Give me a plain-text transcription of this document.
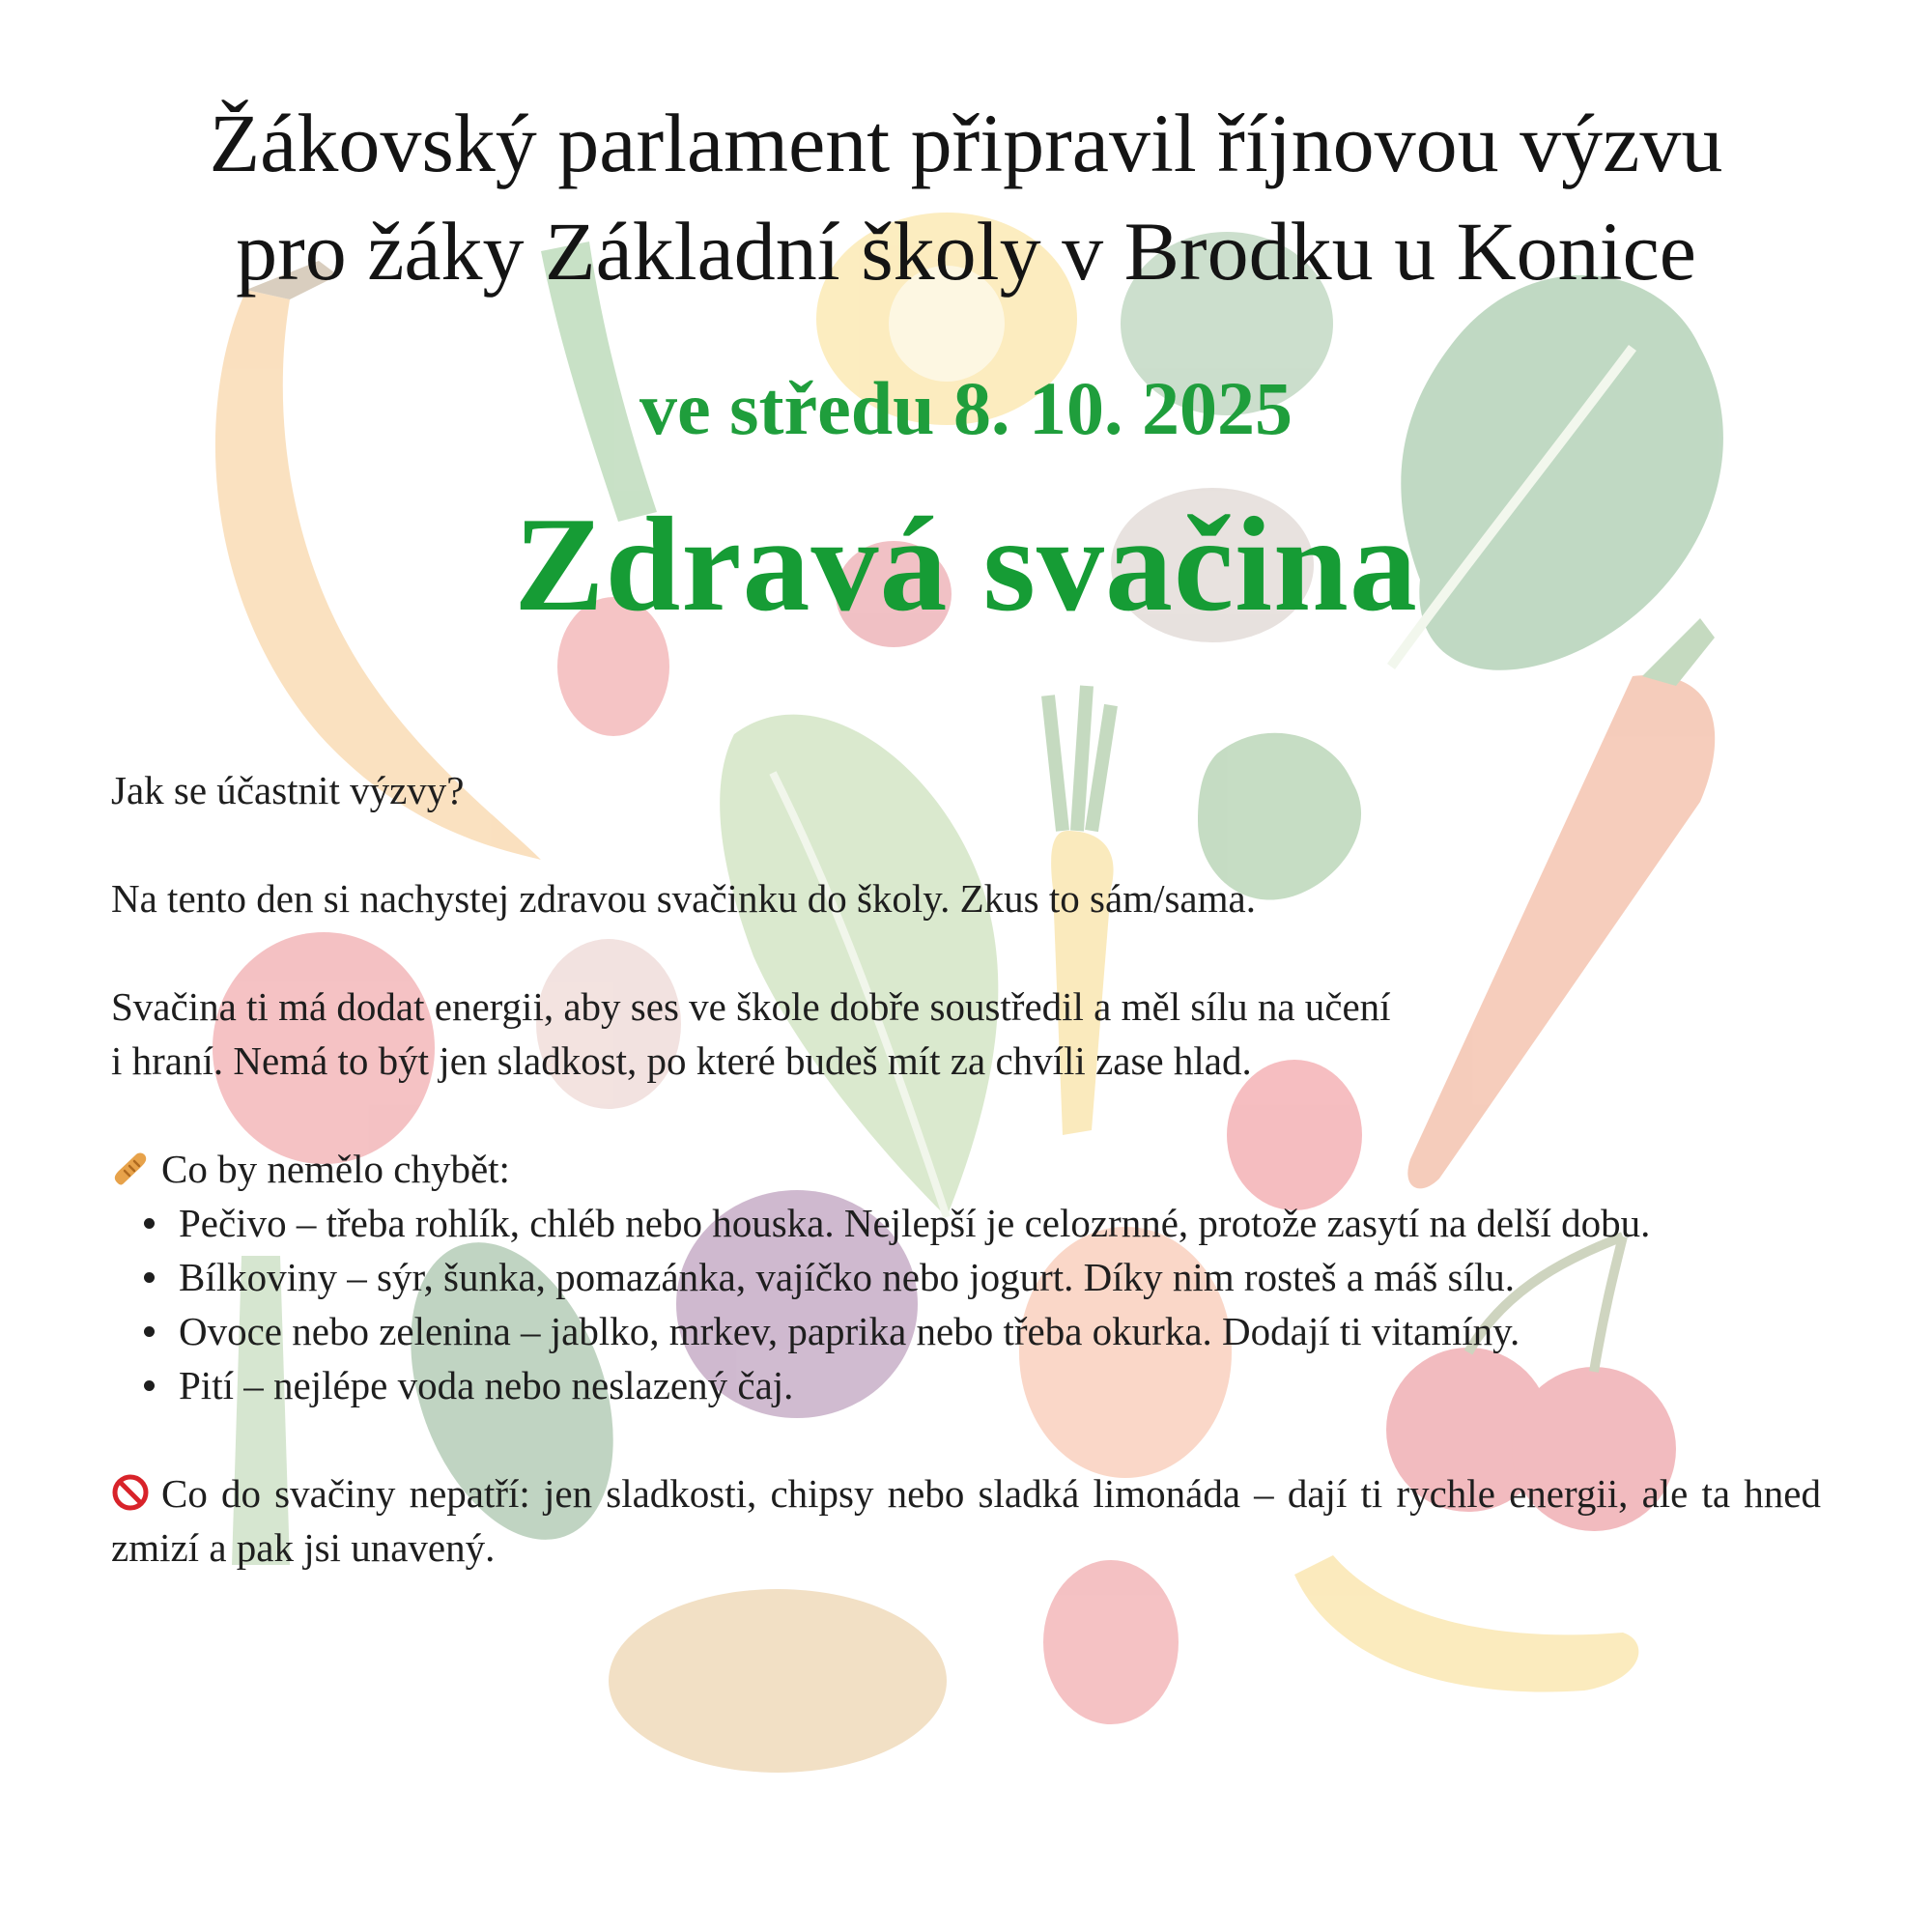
Žákovský parlament připravil říjnovou výzvu
pro žáky Základní školy v Brodku u Konice
ve středu 8. 10. 2025
Zdravá svačina

Jak se účastnit výzvy?

Na tento den si nachystej zdravou svačinku do školy. Zkus to sám/sama.

Svačina ti má dodat energii, aby ses ve škole dobře soustředil a měl sílu na učení
i hraní. Nemá to být jen sladkost, po které budeš mít za chvíli zase hlad.

Co by nemělo chybět:
Pečivo – třeba rohlík, chléb nebo houska. Nejlepší je celozrnné, protože zasytí na delší dobu.
Bílkoviny – sýr, šunka, pomazánka, vajíčko nebo jogurt. Díky nim rosteš a máš sílu.
Ovoce nebo zelenina – jablko, mrkev, paprika nebo třeba okurka. Dodají ti vitamíny.
Pití – nejlépe voda nebo neslazený čaj.

Co do svačiny nepatří: jen sladkosti, chipsy nebo sladká limonáda – dají ti rychle energii, ale ta hned zmizí a pak jsi unavený.
